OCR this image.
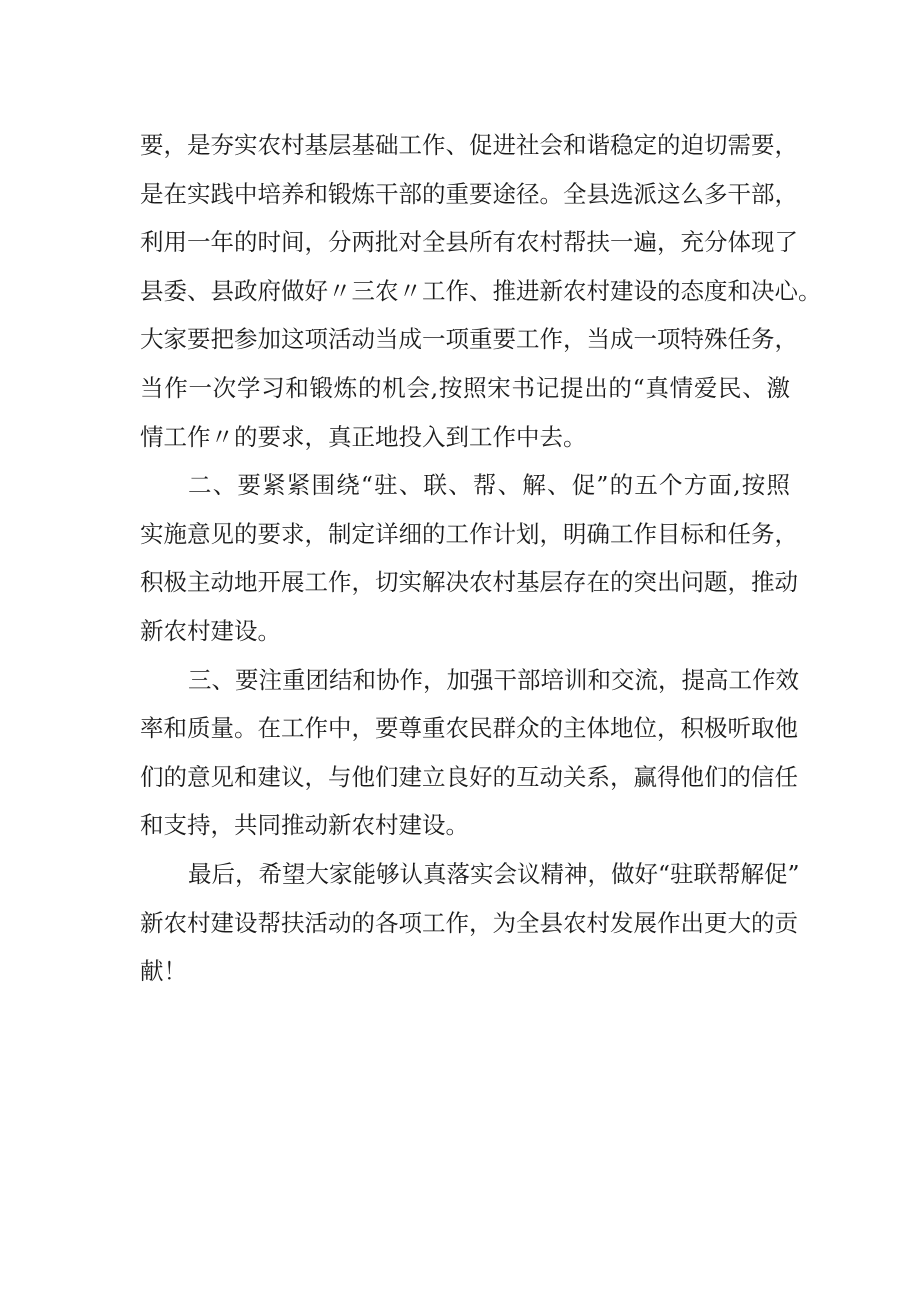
要，是夯实农村基层基础工作、促进社会和谐稳定的迫切需要，
是在实践中培养和锻炼干部的重要途径。全县选派这么多干部，
利用一年的时间，分两批对全县所有农村帮扶一遍，充分体现了
县委、县政府做好〃三农〃工作、推进新农村建设的态度和决心。
大家要把参加这项活动当成一项重要工作，当成一项特殊任务，
当作一次学习和锻炼的机会,按照宋书记提出的“真情爱民、激
情工作〃的要求，真正地投入到工作中去。
二、要紧紧围绕“驻、联、帮、解、促”的五个方面,按照
实施意见的要求，制定详细的工作计划，明确工作目标和任务，
积极主动地开展工作，切实解决农村基层存在的突出问题，推动
新农村建设。
三、要注重团结和协作，加强干部培训和交流，提高工作效
率和质量。在工作中，要尊重农民群众的主体地位，积极听取他
们的意见和建议，与他们建立良好的互动关系，赢得他们的信任
和支持，共同推动新农村建设。
最后，希望大家能够认真落实会议精神，做好“驻联帮解促”
新农村建设帮扶活动的各项工作，为全县农村发展作出更大的贡
献！
